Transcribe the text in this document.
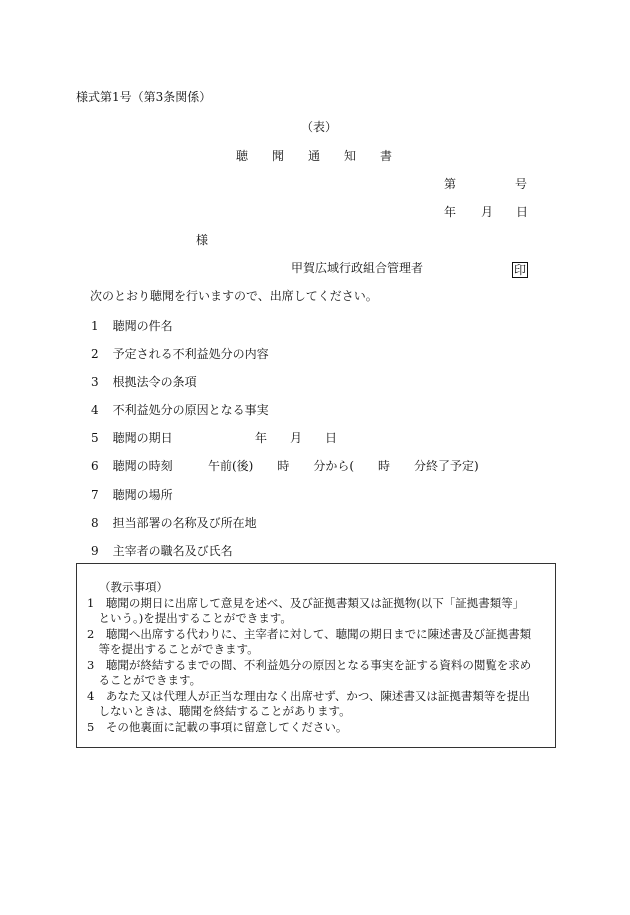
様式第1号（第3条関係）
（表）
聴　　聞　　通　　知　　書
第	号
年 月 日
様
甲賀広域行政組合管理者	印
次のとおり聴聞を行いますので、出席してください。
1 聴聞の件名
2 予定される不利益処分の内容
3 根拠法令の条項
4 不利益処分の原因となる事実
5 聴聞の期日	年 月 日
6 聴聞の時刻	午前(後)　　時　　分から(　　時　　分終了予定)
7 聴聞の場所
8 担当部署の名称及び所在地
9 主宰者の職名及び氏名
（教示事項）
1　聴聞の期日に出席して意見を述べ、及び証拠書類又は証拠物(以下「証拠書類等」
　という。)を提出することができます。
2　聴聞へ出席する代わりに、主宰者に対して、聴聞の期日までに陳述書及び証拠書類
　等を提出することができます。
3　聴聞が終結するまでの間、不利益処分の原因となる事実を証する資料の閲覧を求め
　ることができます。
4　あなた又は代理人が正当な理由なく出席せず、かつ、陳述書又は証拠書類等を提出
　しないときは、聴聞を終結することがあります。
5　その他裏面に記載の事項に留意してください。
